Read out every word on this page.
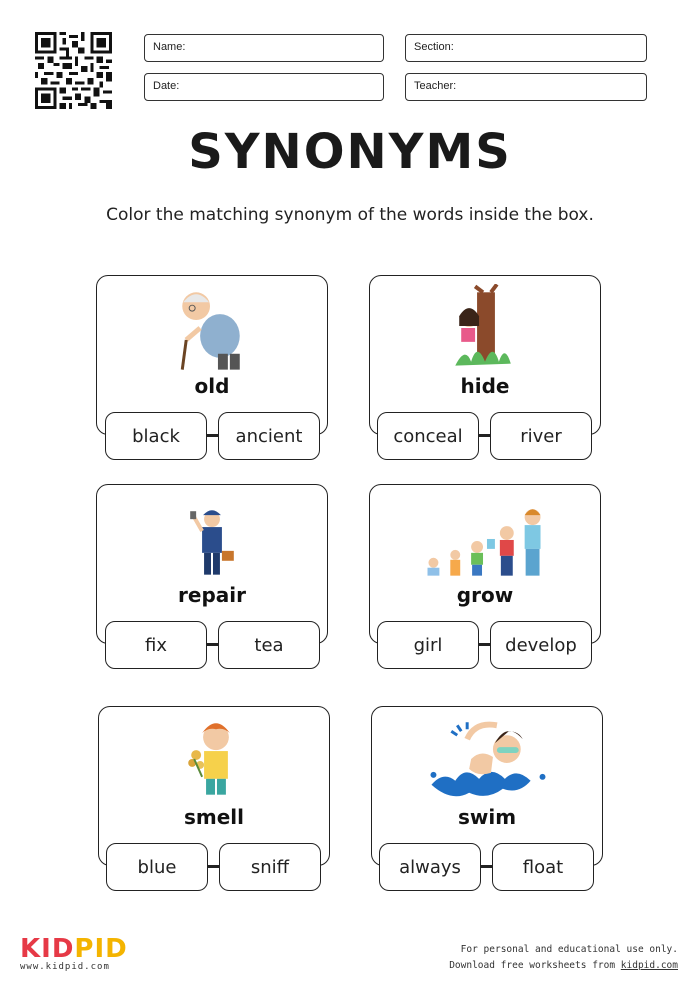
Name:	Section:
Date:	Teacher:
SYNONYMS
Color the matching synonym of the words inside the box.
old
black	ancient
hide
conceal	river
repair
fix	tea
grow
girl	develop
smell
blue	sniff
swim
always	float
KIDPID
www.kidpid.com
For personal and educational use only.
Download free worksheets from kidpid.com
